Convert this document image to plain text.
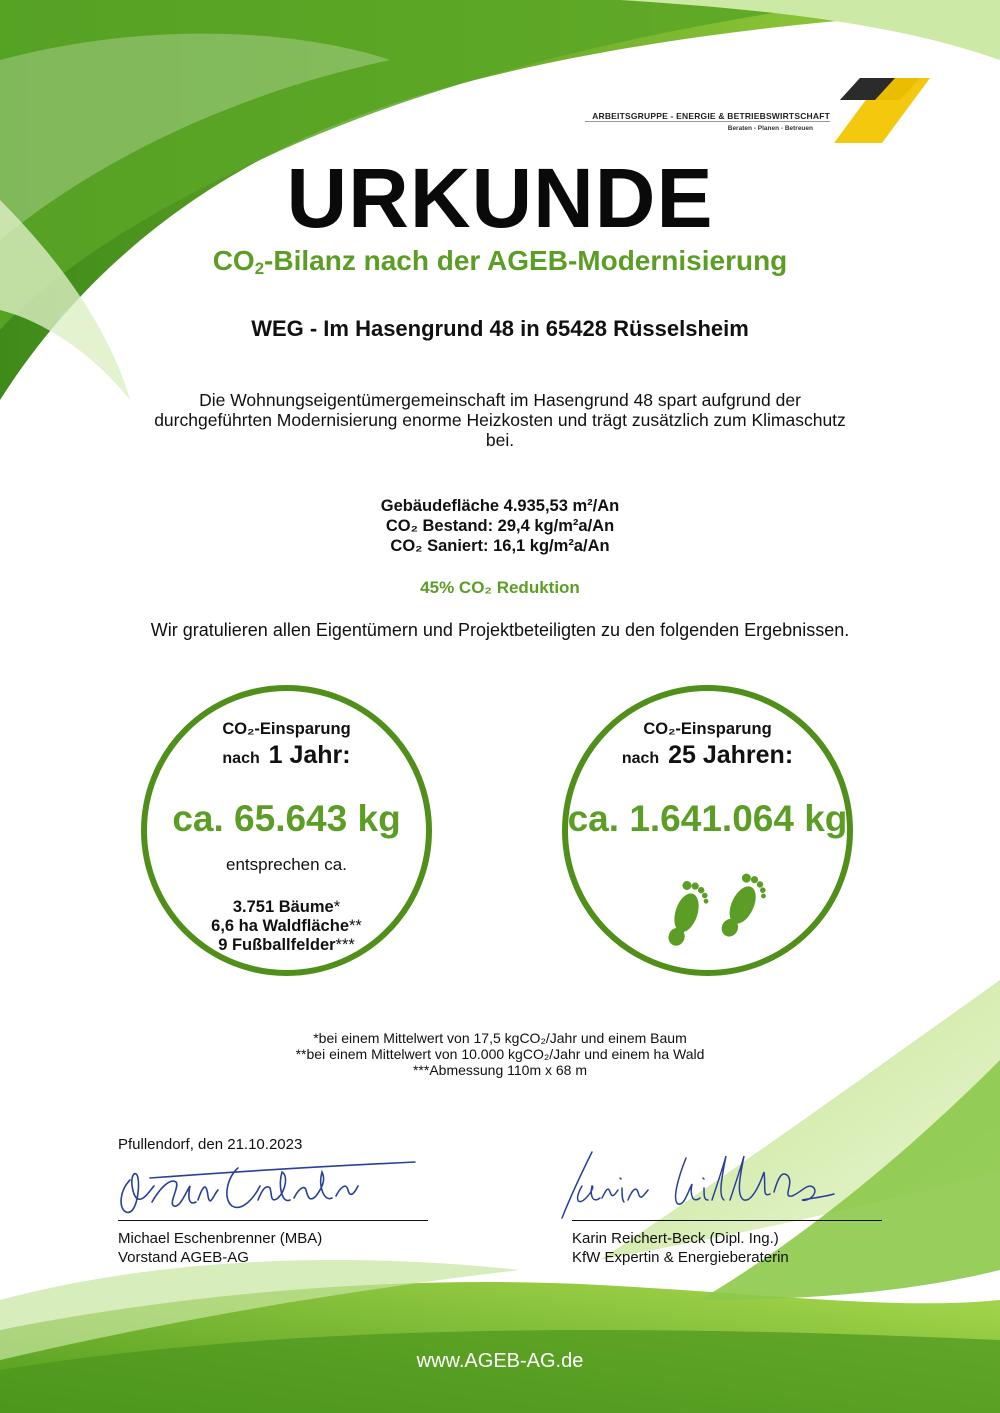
ARBEITSGRUPPE - ENERGIE & BETRIEBSWIRTSCHAFT
Beraten - Planen - Betreuen
URKUNDE
$CO_2$-Bilanz nach der AGEB-Modernisierung
WEG - Im Hasengrund 48 in 65428 Rüsselsheim
Die Wohnungseigentümergemeinschaft im Hasengrund 48 spart aufgrund der durchgeführten Modernisierung enorme Heizkosten und trägt zusätzlich zum Klimaschutz bei.
Gebäudefläche 4.935,53 m²/An
CO₂ Bestand: 29,4 kg/m²a/An
CO₂ Saniert: 16,1 kg/m²a/An
45% CO₂ Reduktion
Wir gratulieren allen Eigentümern und Projektbeteiligten zu den folgenden Ergebnissen.
CO₂-Einsparung
nach 1 Jahr:
entsprechen ca.
3.751 Bäume*
6,6 ha Waldfläche**
9 Fußballfelder***
ca. 65.643 kg
CO₂-Einsparung
nach 25 Jahren:
ca. 1.641.064 kg
*bei einem Mittelwert von 17,5 kgCO₂/Jahr und einem Baum
**bei einem Mittelwert von 10.000 kgCO₂/Jahr und einem ha Wald
***Abmessung 110m x 68 m
Pfullendorf, den 21.10.2023
Michael Eschenbrenner (MBA)
Vorstand AGEB-AG
Karin Reichert-Beck (Dipl. Ing.)
KfW Expertin & Energieberaterin
www.AGEB-AG.de
